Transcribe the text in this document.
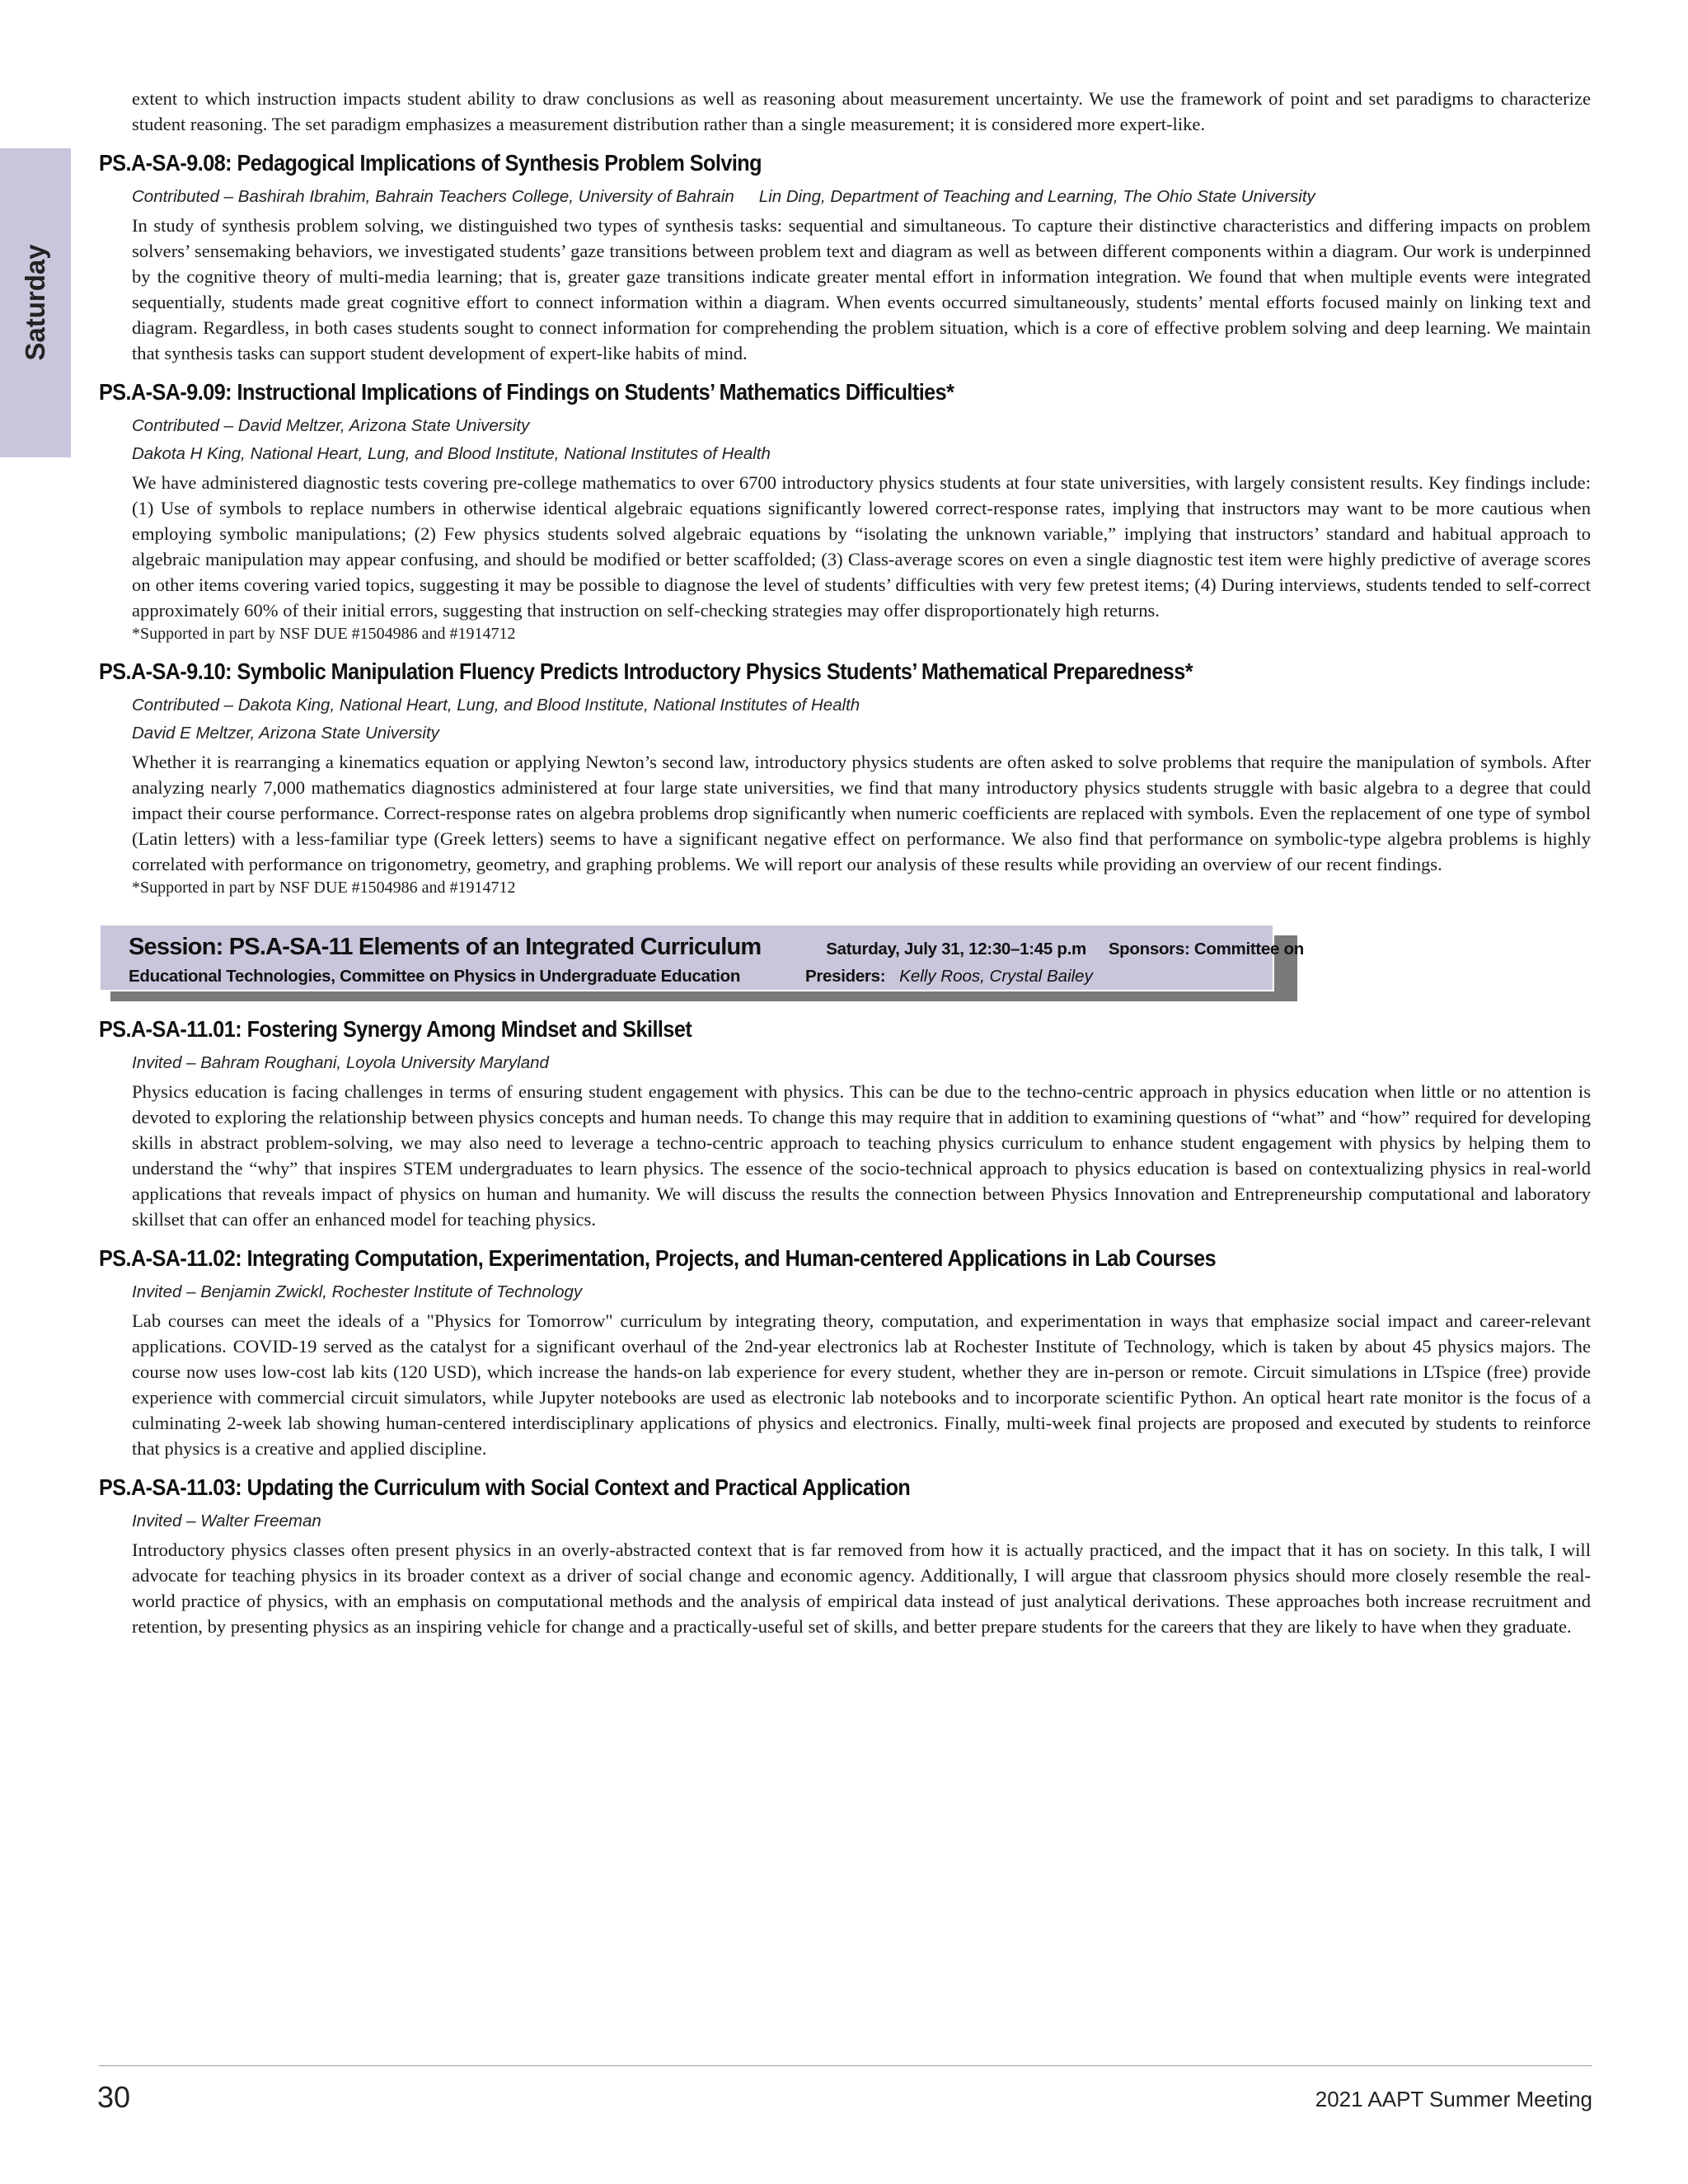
Saturday

extent to which instruction impacts student ability to draw conclusions as well as reasoning about measurement uncertainty. We use the framework of point and set paradigms to characterize student reasoning. The set paradigm emphasizes a measurement distribution rather than a single measurement; it is considered more expert-like.

PS.A-SA-9.08: Pedagogical Implications of Synthesis Problem Solving
Contributed – Bashirah Ibrahim, Bahrain Teachers College, University of Bahrain Lin Ding, Department of Teaching and Learning, The Ohio State University

In study of synthesis problem solving, we distinguished two types of synthesis tasks: sequential and simultaneous. To capture their distinctive characteristics and differing impacts on problem solvers’ sensemaking behaviors, we investigated students’ gaze transitions between problem text and diagram as well as between different components within a diagram. Our work is underpinned by the cognitive theory of multi-media learning; that is, greater gaze transitions indicate greater mental effort in information integration. We found that when multiple events were integrated sequentially, students made great cognitive effort to connect information within a diagram. When events occurred simultaneously, students’ mental efforts focused mainly on linking text and diagram. Regardless, in both cases students sought to connect information for comprehending the problem situation, which is a core of effective problem solving and deep learning. We maintain that synthesis tasks can support student development of expert-like habits of mind.

PS.A-SA-9.09: Instructional Implications of Findings on Students’ Mathematics Difficulties*
Contributed – David Meltzer, Arizona State University
Dakota H King, National Heart, Lung, and Blood Institute, National Institutes of Health

We have administered diagnostic tests covering pre-college mathematics to over 6700 introductory physics students at four state universities, with largely consistent results. Key findings include: (1) Use of symbols to replace numbers in otherwise identical algebraic equations significantly lowered correct-response rates, implying that instructors may want to be more cautious when employing symbolic manipulations; (2) Few physics students solved algebraic equations by “isolating the unknown variable,” implying that instructors’ standard and habitual approach to algebraic manipulation may appear confusing, and should be modified or better scaffolded; (3) Class-average scores on even a single diagnostic test item were highly predictive of average scores on other items covering varied topics, suggesting it may be possible to diagnose the level of students’ difficulties with very few pretest items; (4) During interviews, students tended to self-correct approximately 60% of their initial errors, suggesting that instruction on self-checking strategies may offer disproportionately high returns.

*Supported in part by NSF DUE #1504986 and #1914712

PS.A-SA-9.10: Symbolic Manipulation Fluency Predicts Introductory Physics Students’ Mathematical Preparedness*
Contributed – Dakota King, National Heart, Lung, and Blood Institute, National Institutes of Health
David E Meltzer, Arizona State University

Whether it is rearranging a kinematics equation or applying Newton’s second law, introductory physics students are often asked to solve problems that require the manipulation of symbols. After analyzing nearly 7,000 mathematics diagnostics administered at four large state universities, we find that many introductory physics students struggle with basic algebra to a degree that could impact their course performance. Correct-response rates on algebra problems drop significantly when numeric coefficients are replaced with symbols. Even the replacement of one type of symbol (Latin letters) with a less-familiar type (Greek letters) seems to have a significant negative effect on performance. We also find that performance on symbolic-type algebra problems is highly correlated with performance on trigonometry, geometry, and graphing problems. We will report our analysis of these results while providing an overview of our recent findings.

*Supported in part by NSF DUE #1504986 and #1914712

Session: PS.A-SA-11 Elements of an Integrated Curriculum	Saturday, July 31, 12:30–1:45 p.m Sponsors: Committee on
Educational Technologies, Committee on Physics in Undergraduate Education	Presiders: Kelly Roos, Crystal Bailey
PS.A-SA-11.01: Fostering Synergy Among Mindset and Skillset
Invited – Bahram Roughani, Loyola University Maryland

Physics education is facing challenges in terms of ensuring student engagement with physics. This can be due to the techno-centric approach in physics education when little or no attention is devoted to exploring the relationship between physics concepts and human needs. To change this may require that in addition to examining questions of “what” and “how” required for developing skills in abstract problem-solving, we may also need to leverage a techno-centric approach to teaching physics curriculum to enhance student engagement with physics by helping them to understand the “why” that inspires STEM undergraduates to learn physics. The essence of the socio-technical approach to physics education is based on contextualizing physics in real-world applications that reveals impact of physics on human and humanity. We will discuss the results the connection between Physics Innovation and Entrepreneurship computational and laboratory skillset that can offer an enhanced model for teaching physics.

PS.A-SA-11.02: Integrating Computation, Experimentation, Projects, and Human-centered Applications in Lab Courses
Invited – Benjamin Zwickl, Rochester Institute of Technology

Lab courses can meet the ideals of a "Physics for Tomorrow" curriculum by integrating theory, computation, and experimentation in ways that emphasize social impact and career-relevant applications. COVID-19 served as the catalyst for a significant overhaul of the 2nd-year electronics lab at Rochester Institute of Technology, which is taken by about 45 physics majors. The course now uses low-cost lab kits (120 USD), which increase the hands-on lab experience for every student, whether they are in-person or remote. Circuit simulations in LTspice (free) provide experience with commercial circuit simulators, while Jupyter notebooks are used as electronic lab notebooks and to incorporate scientific Python. An optical heart rate monitor is the focus of a culminating 2-week lab showing human-centered interdisciplinary applications of physics and electronics. Finally, multi-week final projects are proposed and executed by students to reinforce that physics is a creative and applied discipline.

PS.A-SA-11.03: Updating the Curriculum with Social Context and Practical Application
Invited – Walter Freeman

Introductory physics classes often present physics in an overly-abstracted context that is far removed from how it is actually practiced, and the impact that it has on society. In this talk, I will advocate for teaching physics in its broader context as a driver of social change and economic agency. Additionally, I will argue that classroom physics should more closely resemble the real-world practice of physics, with an emphasis on computational methods and the analysis of empirical data instead of just analytical derivations. These approaches both increase recruitment and retention, by presenting physics as an inspiring vehicle for change and a practically-useful set of skills, and better prepare students for the careers that they are likely to have when they graduate.

30	2021 AAPT Summer Meeting
